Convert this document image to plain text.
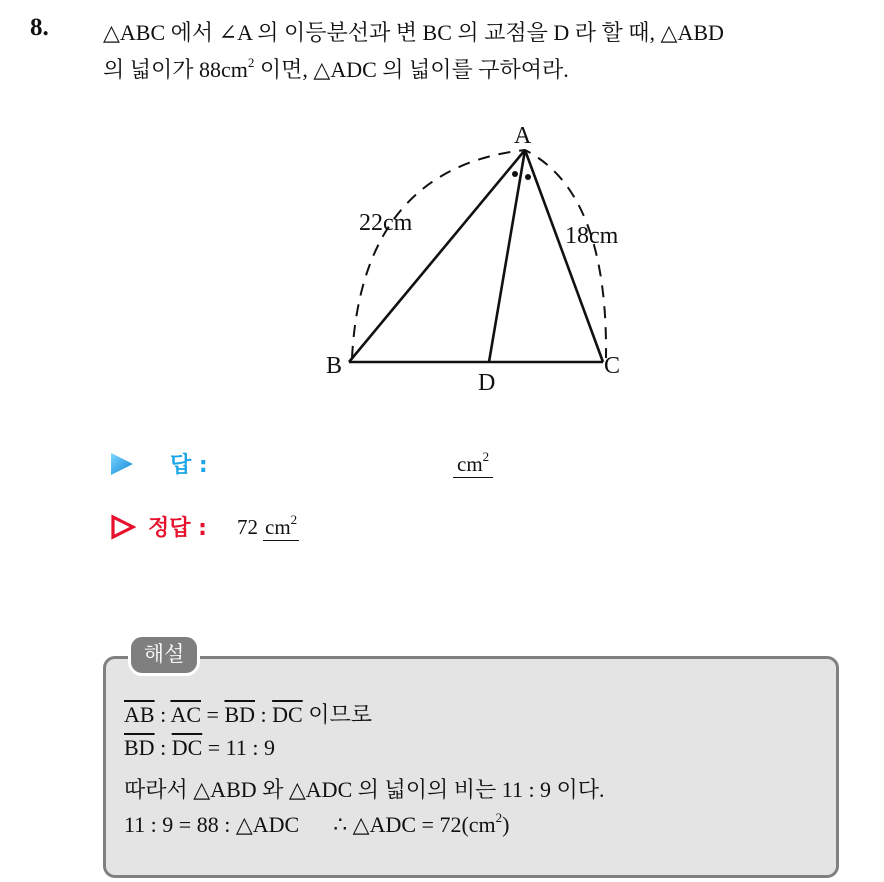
8. △ABC 에서 ∠A 의 이등분선과 변 BC 의 교점을 D 라 할 때, △ABD
의 넓이가 $88cm^2$ 이면, △ADC 의 넓이를 구하여라.
A
B	C
D
22cm	18cm
답 :	$cm^2$
정답 : 72 $cm^2$
해설
$\overline{AB}$ : $\overline{AC} = \overline{BD}$ : $\overline{DC}$ 이므로
$\overline{BD}$ : $\overline{DC} = 11$ : 9
따라서 △ABD 와 △ADC 의 넓이의 비는 11 : 9 이다.
11 : 9 = 88 : △ADC ∴ △ADC = $72(cm^2)$
